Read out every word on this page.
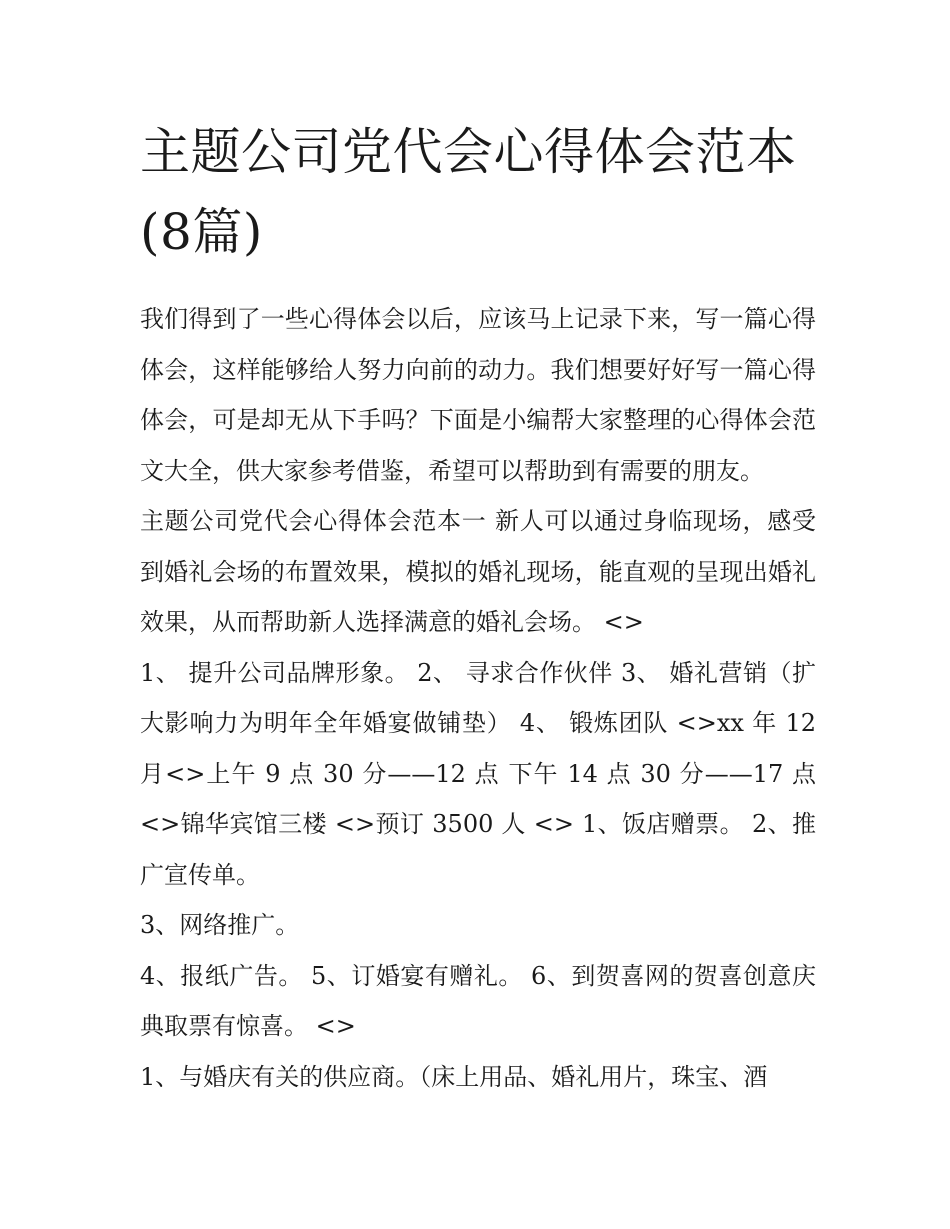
主题公司党代会心得体会范本(8篇)

我们得到了一些心得体会以后，应该马上记录下来，写一篇心得体会，这样能够给人努力向前的动力。我们想要好好写一篇心得体会，可是却无从下手吗？下面是小编帮大家整理的心得体会范文大全，供大家参考借鉴，希望可以帮助到有需要的朋友。

主题公司党代会心得体会范本一 新人可以通过身临现场，感受到婚礼会场的布置效果，模拟的婚礼现场，能直观的呈现出婚礼效果，从而帮助新人选择满意的婚礼会场。 <>

1、 提升公司品牌形象。 2、 寻求合作伙伴 3、 婚礼营销（扩大影响力为明年全年婚宴做铺垫） 4、 锻炼团队 <>xx 年 12 月<>上午 9 点 30 分——12 点 下午 14 点 30 分——17 点 <>锦华宾馆三楼 <>预订 3500 人 <> 1、饭店赠票。 2、推广宣传单。

3、网络推广。

4、报纸广告。 5、订婚宴有赠礼。 6、到贺喜网的贺喜创意庆典取票有惊喜。 <>

1、与婚庆有关的供应商。（床上用品、婚礼用片，珠宝、酒
